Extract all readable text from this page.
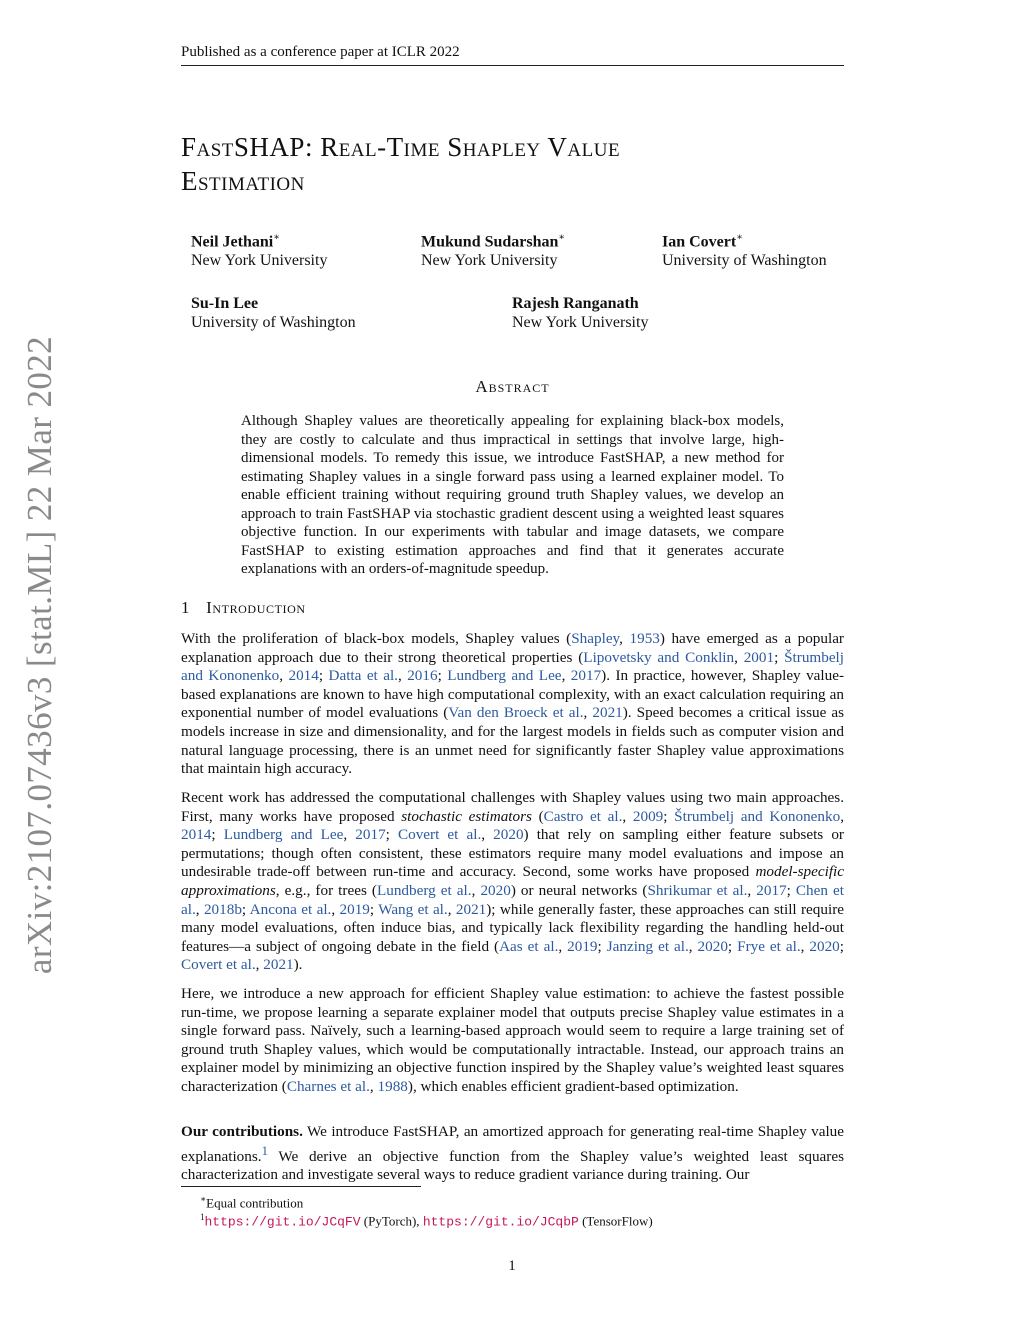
Published as a conference paper at ICLR 2022
FastSHAP: Real-Time Shapley Value
Estimation
Neil Jethani∗
New York University
Mukund Sudarshan∗
New York University
Ian Covert∗
University of Washington
Su-In Lee
University of Washington
Rajesh Ranganath
New York University
arXiv:2107.07436v3 [stat.ML] 22 Mar 2022	Abstract

Although Shapley values are theoretically appealing for explaining black-box models, they are costly to calculate and thus impractical in settings that involve large, high-dimensional models. To remedy this issue, we introduce FastSHAP, a new method for estimating Shapley values in a single forward pass using a learned explainer model. To enable efficient training without requiring ground truth Shapley values, we develop an approach to train FastSHAP via stochastic gradient descent using a weighted least squares objective function. In our experiments with tabular and image datasets, we compare FastSHAP to existing estimation approaches and find that it generates accurate explanations with an orders-of-magnitude speedup.

1 Introduction

With the proliferation of black-box models, Shapley values (Shapley, 1953) have emerged as a popular explanation approach due to their strong theoretical properties (Lipovetsky and Conklin, 2001; Štrumbelj and Kononenko, 2014; Datta et al., 2016; Lundberg and Lee, 2017). In practice, however, Shapley value-based explanations are known to have high computational complexity, with an exact calculation requiring an exponential number of model evaluations (Van den Broeck et al., 2021). Speed becomes a critical issue as models increase in size and dimensionality, and for the largest models in fields such as computer vision and natural language processing, there is an unmet need for significantly faster Shapley value approximations that maintain high accuracy.

Recent work has addressed the computational challenges with Shapley values using two main approaches. First, many works have proposed stochastic estimators (Castro et al., 2009; Štrumbelj and Kononenko, 2014; Lundberg and Lee, 2017; Covert et al., 2020) that rely on sampling either feature subsets or permutations; though often consistent, these estimators require many model evaluations and impose an undesirable trade-off between run-time and accuracy. Second, some works have proposed model-specific approximations, e.g., for trees (Lundberg et al., 2020) or neural networks (Shrikumar et al., 2017; Chen et al., 2018b; Ancona et al., 2019; Wang et al., 2021); while generally faster, these approaches can still require many model evaluations, often induce bias, and typically lack flexibility regarding the handling held-out features—a subject of ongoing debate in the field (Aas et al., 2019; Janzing et al., 2020; Frye et al., 2020; Covert et al., 2021).

Here, we introduce a new approach for efficient Shapley value estimation: to achieve the fastest possible run-time, we propose learning a separate explainer model that outputs precise Shapley value estimates in a single forward pass. Naïvely, such a learning-based approach would seem to require a large training set of ground truth Shapley values, which would be computationally intractable. Instead, our approach trains an explainer model by minimizing an objective function inspired by the Shapley value’s weighted least squares characterization (Charnes et al., 1988), which enables efficient gradient-based optimization.

Our contributions. We introduce FastSHAP, an amortized approach for generating real-time Shapley value explanations.$^1$ We derive an objective function from the Shapley value’s weighted least squares characterization and investigate several ways to reduce gradient variance during training. Our

∗Equal contribution
$^1$https://git.io/JCqFV (PyTorch), https://git.io/JCqbP (TensorFlow)
1
